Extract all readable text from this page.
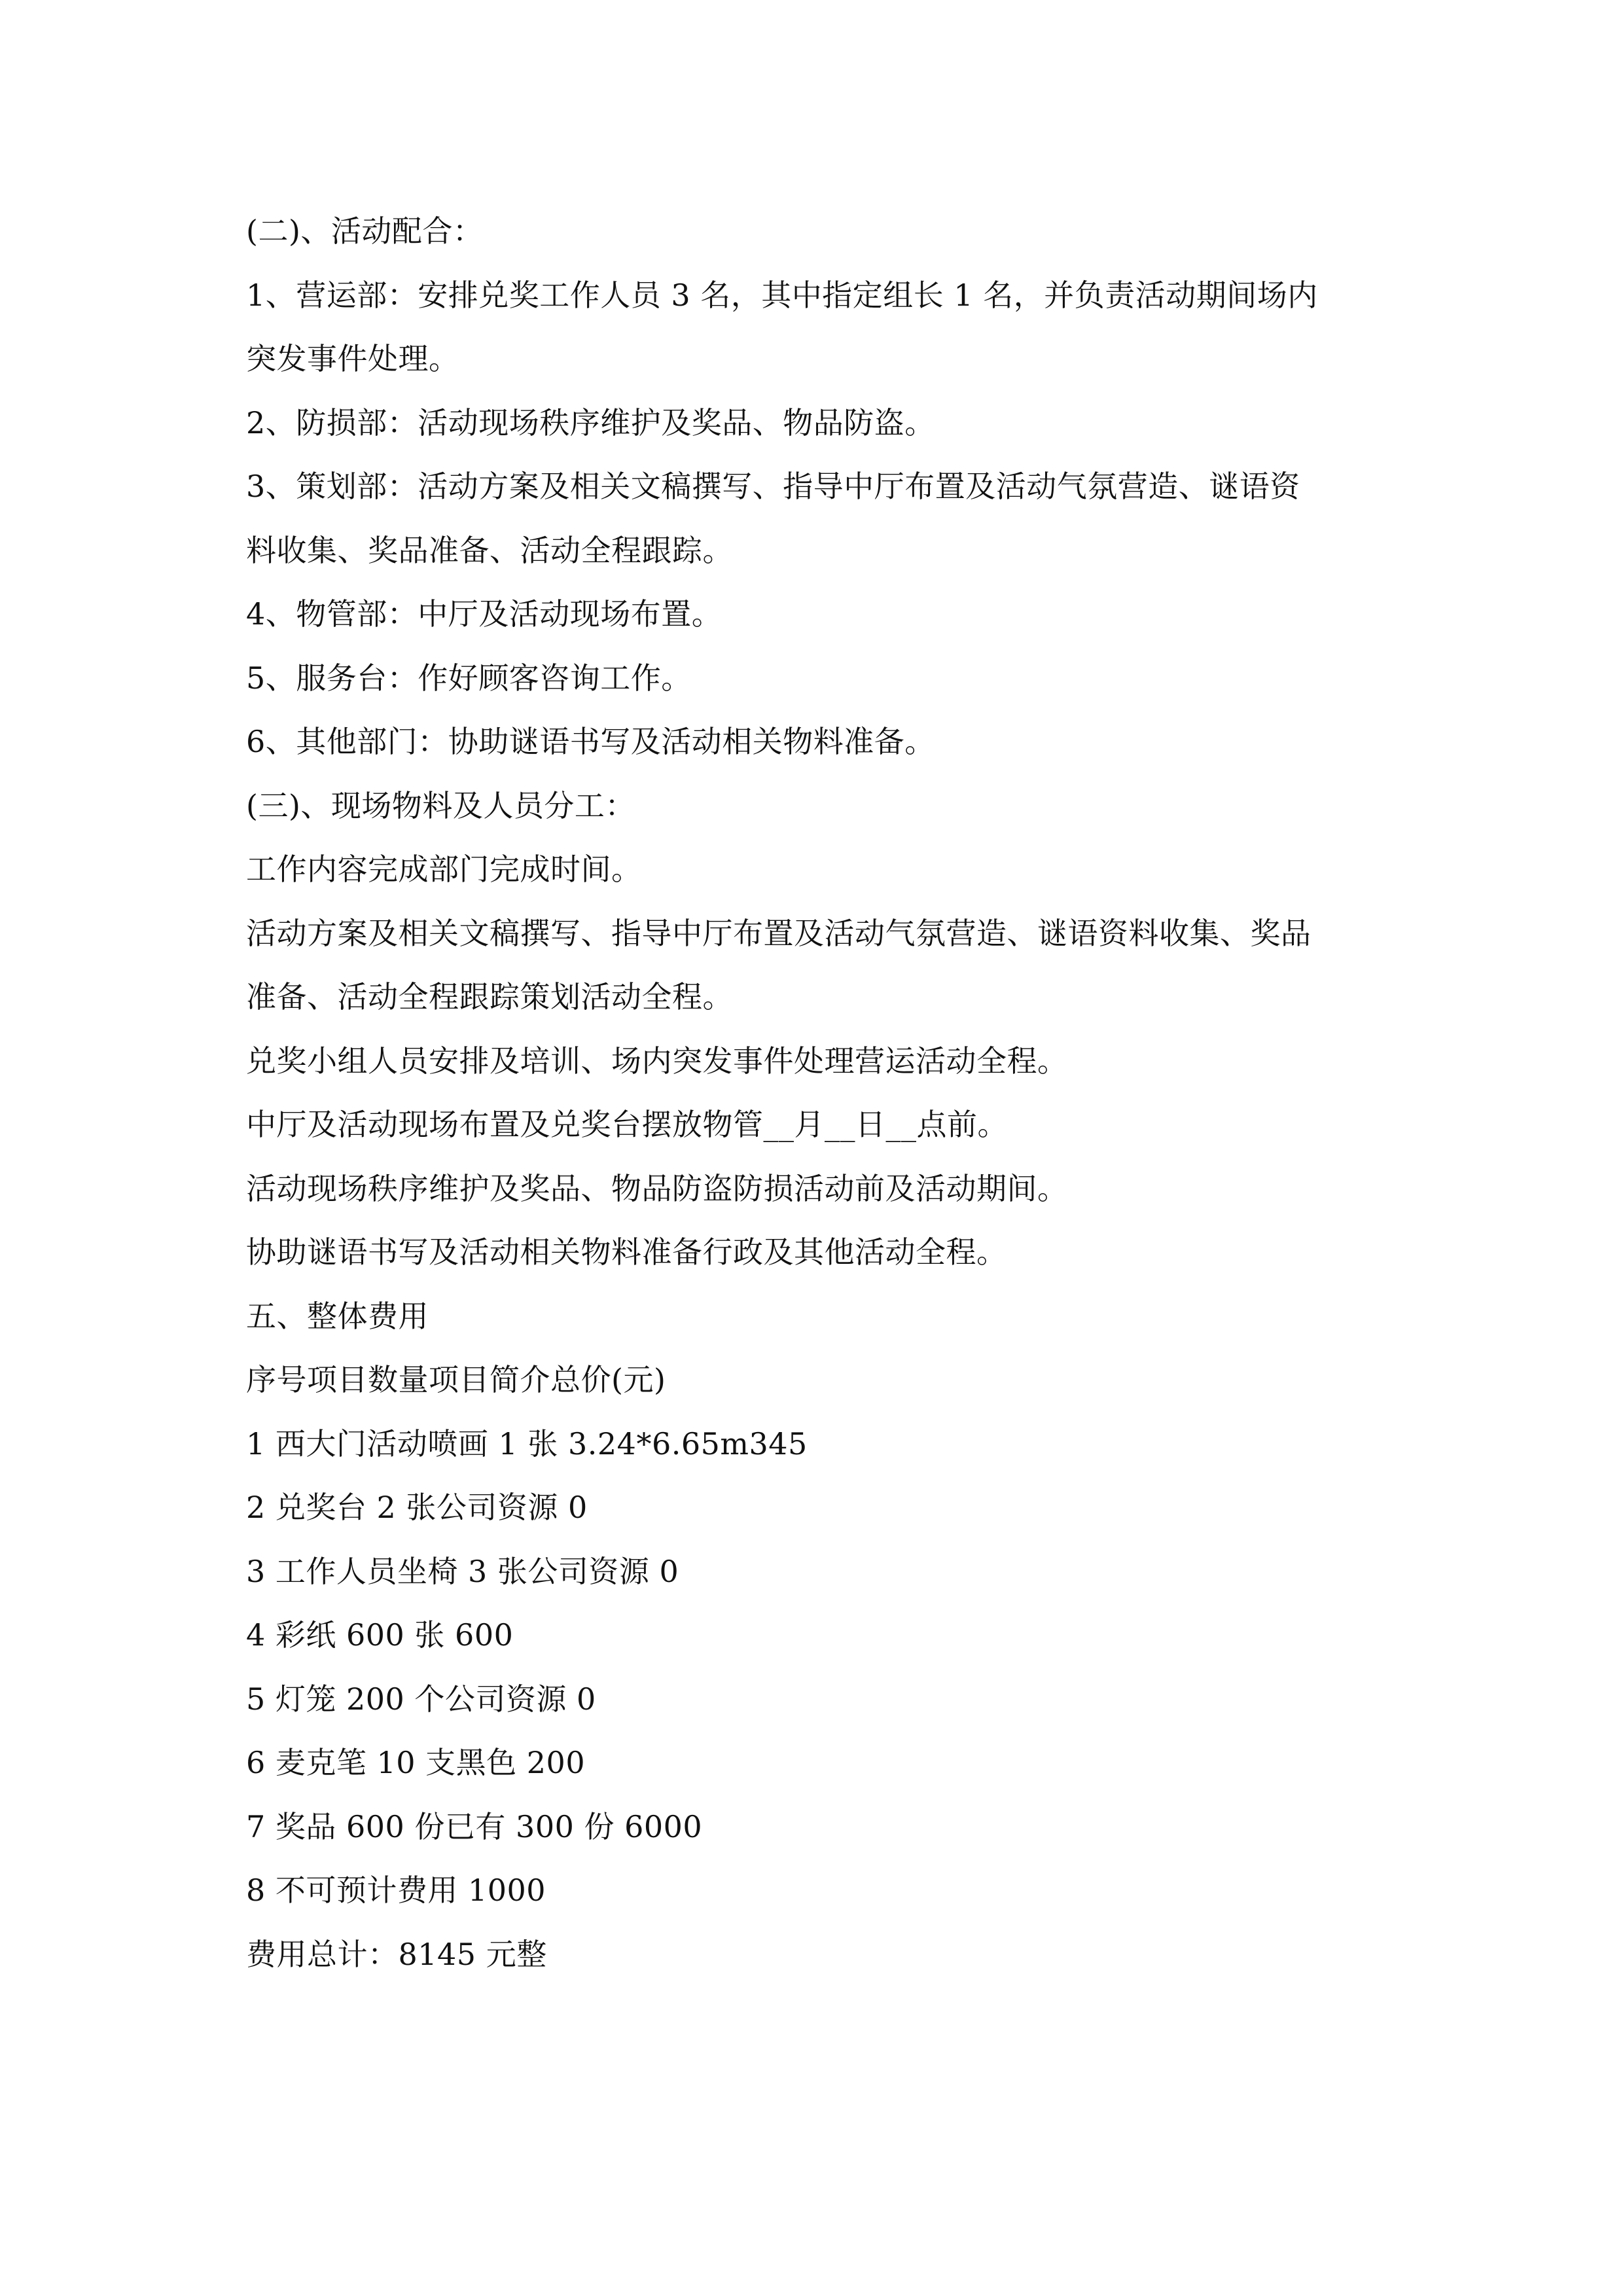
(二)、活动配合：
1、营运部：安排兑奖工作人员 3 名，其中指定组长 1 名，并负责活动期间场内
突发事件处理。
2、防损部：活动现场秩序维护及奖品、物品防盗。
3、策划部：活动方案及相关文稿撰写、指导中厅布置及活动气氛营造、谜语资
料收集、奖品准备、活动全程跟踪。
4、物管部：中厅及活动现场布置。
5、服务台：作好顾客咨询工作。
6、其他部门：协助谜语书写及活动相关物料准备。
(三)、现场物料及人员分工：
工作内容完成部门完成时间。
活动方案及相关文稿撰写、指导中厅布置及活动气氛营造、谜语资料收集、奖品
准备、活动全程跟踪策划活动全程。
兑奖小组人员安排及培训、场内突发事件处理营运活动全程。
中厅及活动现场布置及兑奖台摆放物管__月__日__点前。
活动现场秩序维护及奖品、物品防盗防损活动前及活动期间。
协助谜语书写及活动相关物料准备行政及其他活动全程。
五、整体费用
序号项目数量项目简介总价(元)
1 西大门活动喷画 1 张 3.24*6.65m345
2 兑奖台 2 张公司资源 0
3 工作人员坐椅 3 张公司资源 0
4 彩纸 600 张 600
5 灯笼 200 个公司资源 0
6 麦克笔 10 支黑色 200
7 奖品 600 份已有 300 份 6000
8 不可预计费用 1000
费用总计：8145 元整
